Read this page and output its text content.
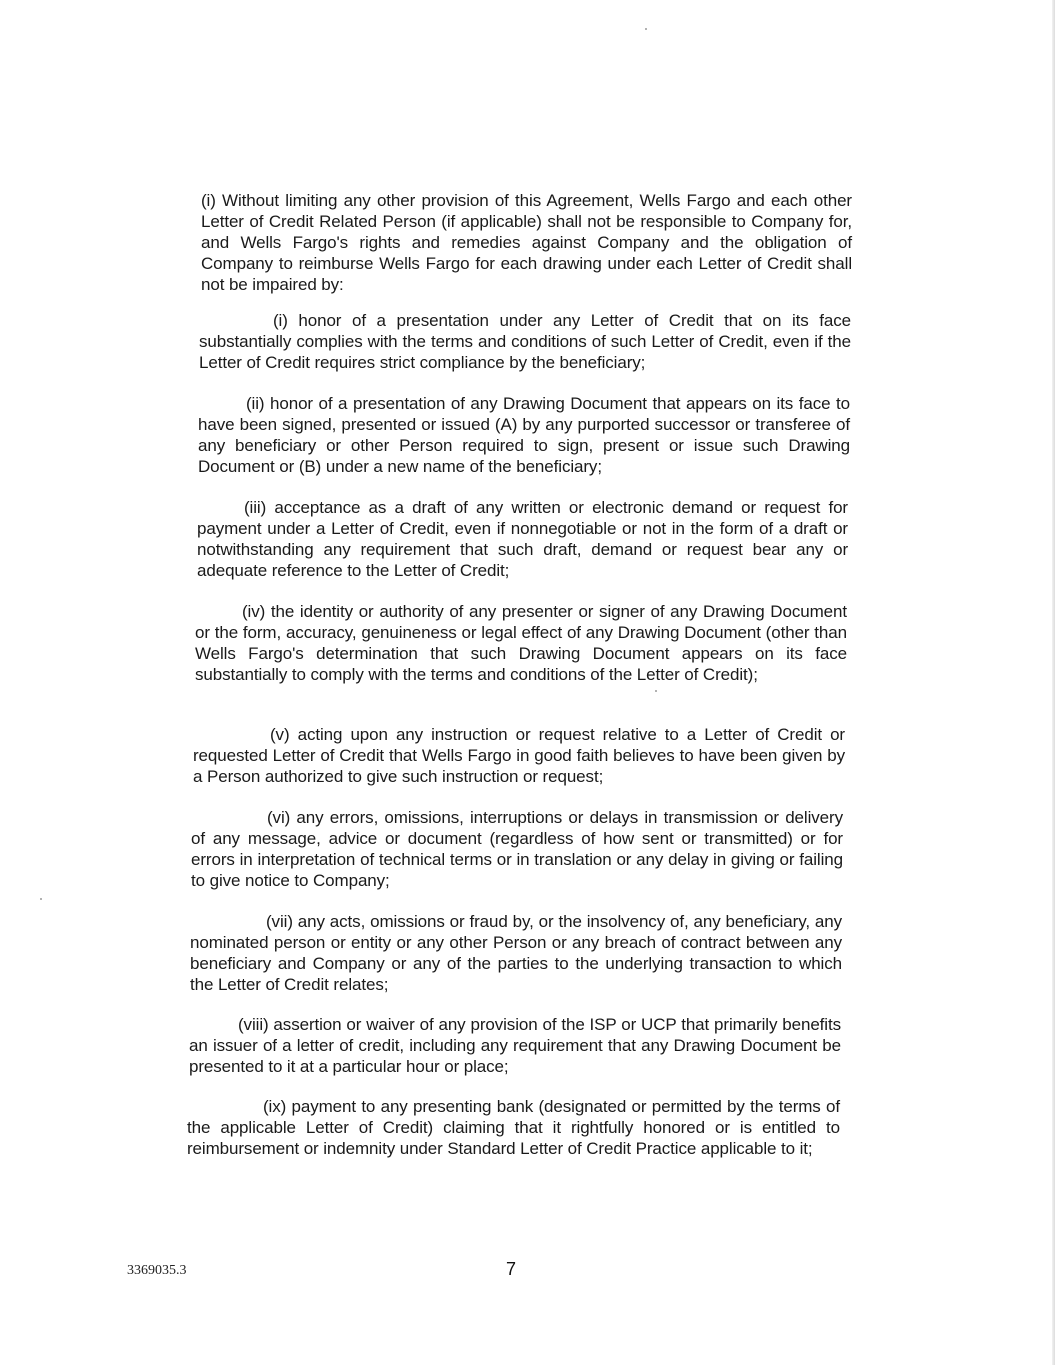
(i) Without limiting any other provision of this Agreement, Wells Fargo and each other Letter of Credit Related Person (if applicable) shall not be responsible to Company for, and Wells Fargo's rights and remedies against Company and the obligation of Company to reimburse Wells Fargo for each drawing under each Letter of Credit shall not be impaired by:

(i) honor of a presentation under any Letter of Credit that on its face substantially complies with the terms and conditions of such Letter of Credit, even if the Letter of Credit requires strict compliance by the beneficiary;

(ii) honor of a presentation of any Drawing Document that appears on its face to have been signed, presented or issued (A) by any purported successor or transferee of any beneficiary or other Person required to sign, present or issue such Drawing Document or (B) under a new name of the beneficiary;

(iii) acceptance as a draft of any written or electronic demand or request for payment under a Letter of Credit, even if nonnegotiable or not in the form of a draft or notwithstanding any requirement that such draft, demand or request bear any or adequate reference to the Letter of Credit;

(iv) the identity or authority of any presenter or signer of any Drawing Document or the form, accuracy, genuineness or legal effect of any Drawing Document (other than Wells Fargo's determination that such Drawing Document appears on its face substantially to comply with the terms and conditions of the Letter of Credit);

(v) acting upon any instruction or request relative to a Letter of Credit or requested Letter of Credit that Wells Fargo in good faith believes to have been given by a Person authorized to give such instruction or request;

(vi) any errors, omissions, interruptions or delays in transmission or delivery of any message, advice or document (regardless of how sent or transmitted) or for errors in interpretation of technical terms or in translation or any delay in giving or failing to give notice to Company;

(vii) any acts, omissions or fraud by, or the insolvency of, any beneficiary, any nominated person or entity or any other Person or any breach of contract between any beneficiary and Company or any of the parties to the underlying transaction to which the Letter of Credit relates;

(viii) assertion or waiver of any provision of the ISP or UCP that primarily benefits an issuer of a letter of credit, including any requirement that any Drawing Document be presented to it at a particular hour or place;

(ix) payment to any presenting bank (designated or permitted by the terms of the applicable Letter of Credit) claiming that it rightfully honored or is entitled to reimbursement or indemnity under Standard Letter of Credit Practice applicable to it;

3369035.3	7
